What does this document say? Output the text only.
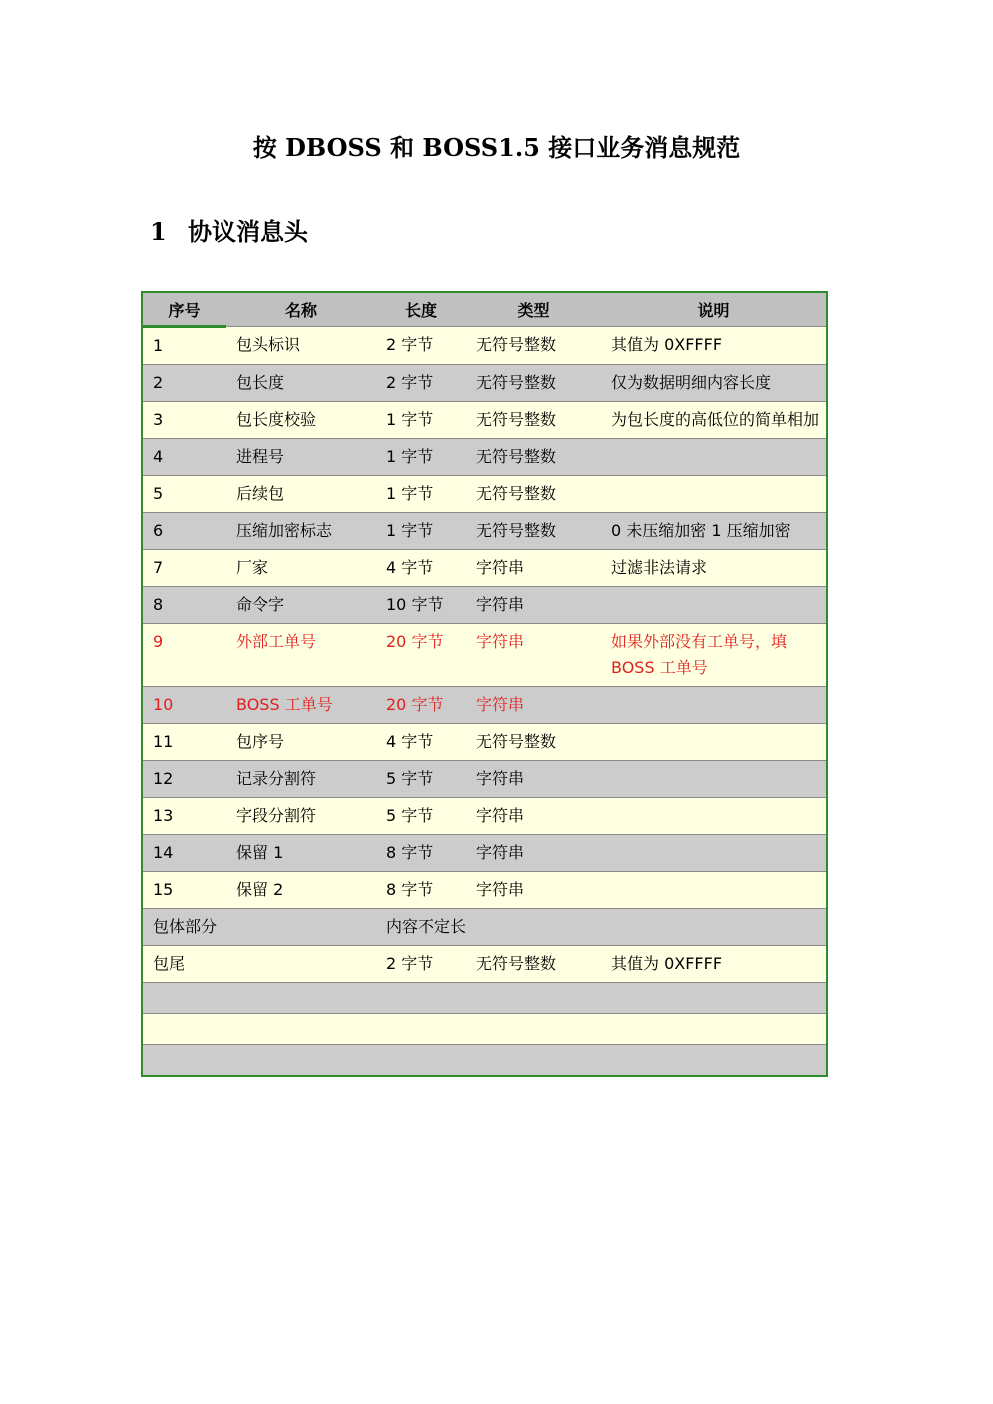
按 DBOSS 和 BOSS1.5 接口业务消息规范
1 协议消息头
序号	名称	长度	类型	说明
1	包头标识	2 字节	无符号整数	其值为 0XFFFF
2	包长度	2 字节	无符号整数	仅为数据明细内容长度
3	包长度校验	1 字节	无符号整数	为包长度的高低位的简单相加
4	进程号	1 字节	无符号整数	
5	后续包	1 字节	无符号整数	
6	压缩加密标志	1 字节	无符号整数	0 未压缩加密 1 压缩加密
7	厂家	4 字节	字符串	过滤非法请求
8	命令字	10 字节	字符串	
9	外部工单号	20 字节	字符串	如果外部没有工单号，填 BOSS 工单号
10	BOSS 工单号	20 字节	字符串	
11	包序号	4 字节	无符号整数	
12	记录分割符	5 字节	字符串	
13	字段分割符	5 字节	字符串	
14	保留 1	8 字节	字符串	
15	保留 2	8 字节	字符串	
包体部分		内容不定长		
包尾		2 字节	无符号整数	其值为 0XFFFF
